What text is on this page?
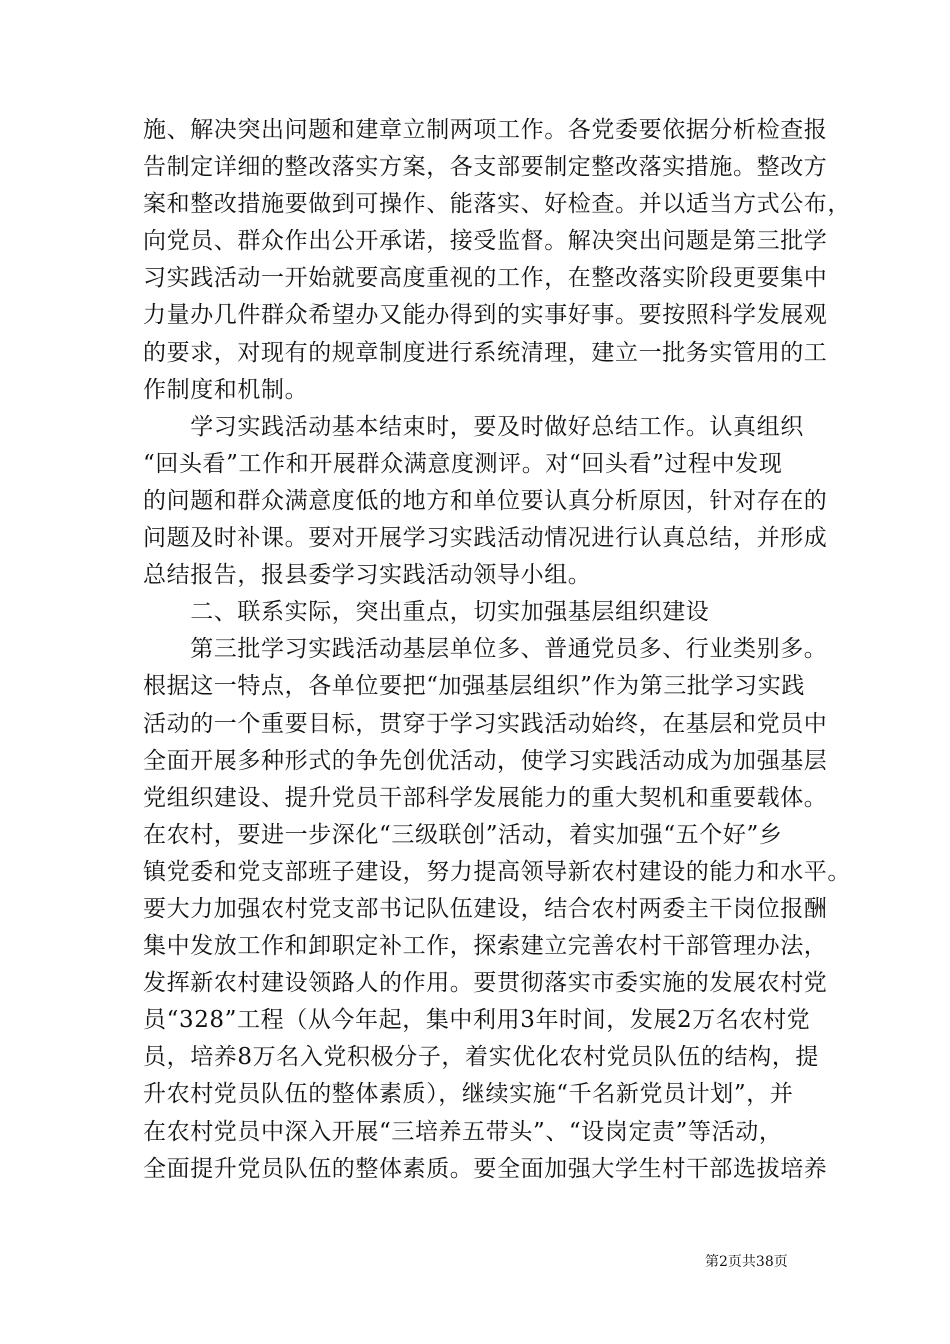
施、解决突出问题和建章立制两项工作。各党委要依据分析检查报
告制定详细的整改落实方案，各支部要制定整改落实措施。整改方
案和整改措施要做到可操作、能落实、好检查。并以适当方式公布，
向党员、群众作出公开承诺，接受监督。解决突出问题是第三批学
习实践活动一开始就要高度重视的工作，在整改落实阶段更要集中
力量办几件群众希望办又能办得到的实事好事。要按照科学发展观
的要求，对现有的规章制度进行系统清理，建立一批务实管用的工
作制度和机制。
　　学习实践活动基本结束时，要及时做好总结工作。认真组织
“回头看”工作和开展群众满意度测评。对“回头看”过程中发现
的问题和群众满意度低的地方和单位要认真分析原因，针对存在的
问题及时补课。要对开展学习实践活动情况进行认真总结，并形成
总结报告，报县委学习实践活动领导小组。
　　二、联系实际，突出重点，切实加强基层组织建设
　　第三批学习实践活动基层单位多、普通党员多、行业类别多。
根据这一特点，各单位要把“加强基层组织”作为第三批学习实践
活动的一个重要目标，贯穿于学习实践活动始终，在基层和党员中
全面开展多种形式的争先创优活动，使学习实践活动成为加强基层
党组织建设、提升党员干部科学发展能力的重大契机和重要载体。
在农村，要进一步深化“三级联创”活动，着实加强“五个好”乡
镇党委和党支部班子建设，努力提高领导新农村建设的能力和水平。
要大力加强农村党支部书记队伍建设，结合农村两委主干岗位报酬
集中发放工作和卸职定补工作，探索建立完善农村干部管理办法，
发挥新农村建设领路人的作用。要贯彻落实市委实施的发展农村党
员“328”工程（从今年起，集中利用3年时间，发展2万名农村党
员，培养8万名入党积极分子，着实优化农村党员队伍的结构，提
升农村党员队伍的整体素质），继续实施“千名新党员计划”，并
在农村党员中深入开展“三培养五带头”、“设岗定责”等活动，
全面提升党员队伍的整体素质。要全面加强大学生村干部选拔培养
第2页共38页
